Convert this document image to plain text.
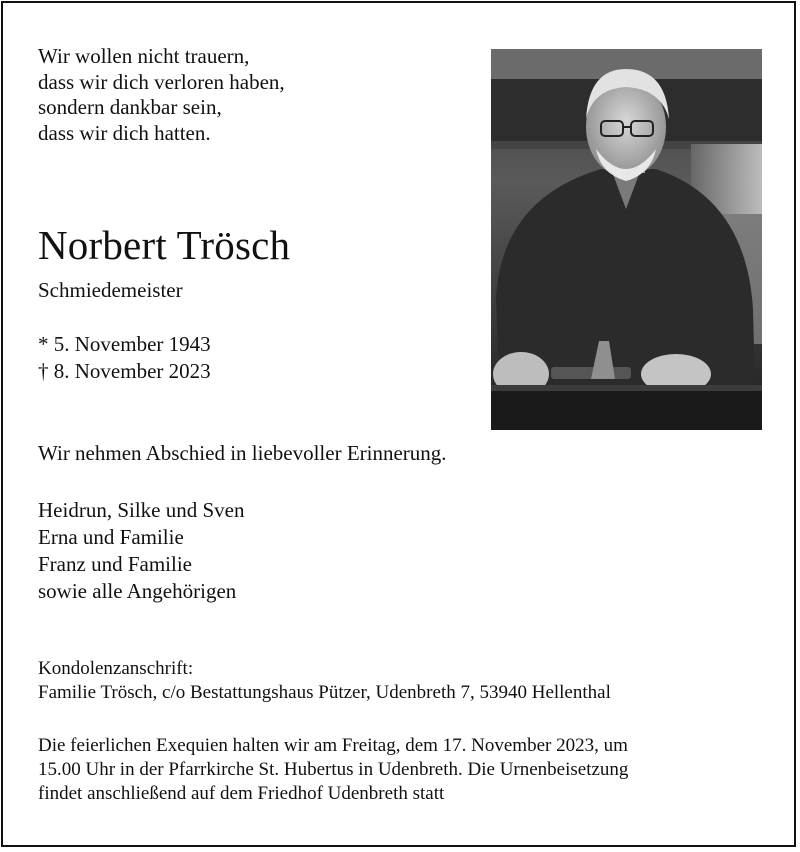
Wir wollen nicht trauern,
dass wir dich verloren haben,
sondern dankbar sein,
dass wir dich hatten.
Norbert Trösch
Schmiedemeister
* 5. November 1943
† 8. November 2023
Wir nehmen Abschied in liebevoller Erinnerung.
Heidrun, Silke und Sven
Erna und Familie
Franz und Familie
sowie alle Angehörigen
Kondolenzanschrift:
Familie Trösch, c/o Bestattungshaus Pützer, Udenbreth 7, 53940 Hellenthal
Die feierlichen Exequien halten wir am Freitag, dem 17. November 2023, um
15.00 Uhr in der Pfarrkirche St. Hubertus in Udenbreth. Die Urnenbeisetzung
findet anschließend auf dem Friedhof Udenbreth statt
